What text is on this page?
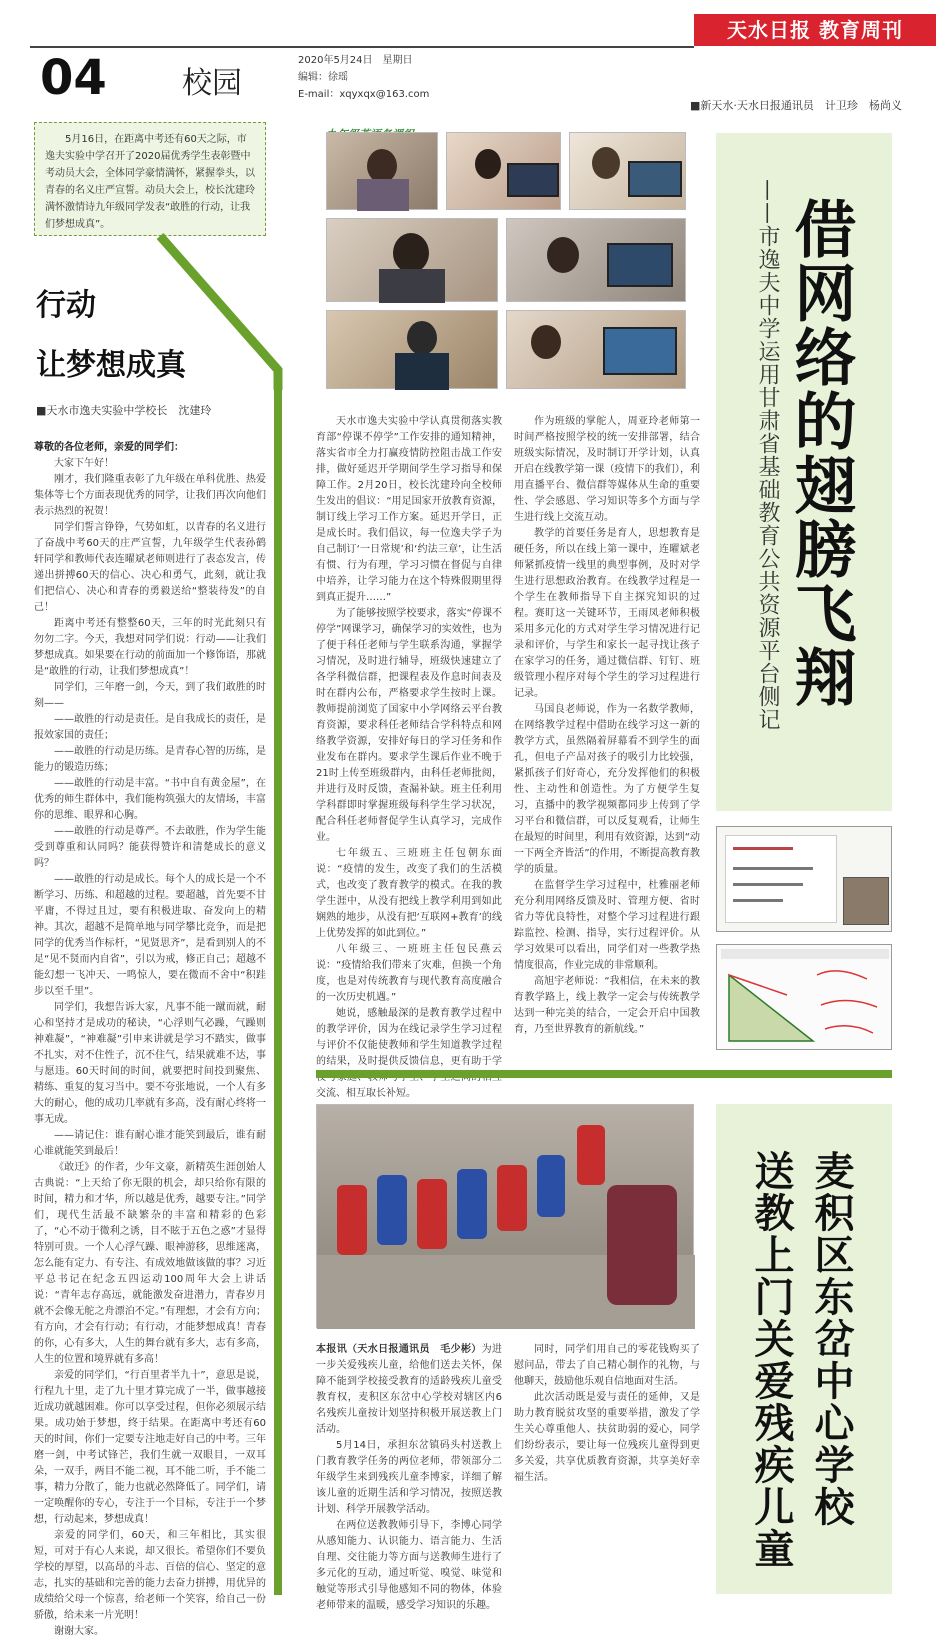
天水日报 教育周刊
04	校园
2020年5月24日　星期日
编辑：徐瑶
E-mail：xqyxqx@163.com
■新天水·天水日报通讯员　计卫珍　杨尚义
5月16日，在距离中考还有60天之际，市逸夫实验中学召开了2020届优秀学生表彰暨中考动员大会，全体同学豪情满怀，紧握拳头，以青春的名义庄严宣誓。动员大会上，校长沈建玲满怀激情诗九年级同学发表“敢胜的行动，让我们梦想成真”。
行动
让梦想成真
■天水市逸夫实验中学校长　沈建玲

尊敬的各位老师，亲爱的同学们：

大家下午好！

刚才，我们隆重表彰了九年级在单科优胜、热爱集体等七个方面表现优秀的同学，让我们再次向他们表示热烈的祝贺！

同学们誓言铮铮，气势如虹，以青春的名义进行了奋战中考60天的庄严宣誓，九年级学生代表孙鹤轩同学和教师代表连曜斌老师则进行了表态发言，传递出拼搏60天的信心、决心和勇气，此刻，就让我们把信心、决心和青春的勇毅送给“整装待发”的自己！

距离中考还有整整60天，三年的时光此刻只有勿勿二字。今天，我想对同学们说：行动——让我们梦想成真。如果要在行动的前面加一个修饰语，那就是“敢胜的行动，让我们梦想成真”！

同学们，三年磨一剑，今天，到了我们敢胜的时刻——

——敢胜的行动是责任。是自我成长的责任，是报效家国的责任；

——敢胜的行动是历练。是青春心智的历练，是能力的锻造历练；

——敢胜的行动是丰富。“书中自有黄金屋”，在优秀的师生群体中，我们能构筑强大的友情场，丰富你的思维、眼界和心胸。

——敢胜的行动是尊严。不去敢胜，作为学生能受到尊重和认同吗？能获得赞许和清楚成长的意义吗？

——敢胜的行动是成长。每个人的成长是一个不断学习、历练、和超越的过程。要超越，首先要不甘平庸，不得过且过，要有积极进取、奋发向上的精神。其次，超越不是简单地与同学攀比竞争，而是把同学的优秀当作标杆，“见贤思齐”，是看到别人的不足“见不贤而内自省”，引以为戒，修正自己；超越不能幻想一飞冲天、一鸣惊人，要在微而不舍中“积跬步以至千里”。

同学们，我想告诉大家，凡事不能一蹴而就，耐心和坚持才是成功的秘诀，“心浮则气必躁，气躁则神难凝”，“神难凝”引申来讲就是学习不踏实，做事不扎实，对不住性子，沉不住气，结果就难不达，事与愿违。60天时间的时间，就要把时间投到聚焦、精练、重复的复习当中。要不夸张地说，一个人有多大的耐心，他的成功几率就有多高，没有耐心终将一事无成。

——请记住：谁有耐心谁才能笑到最后，谁有耐心谁就能笑到最后！

《敢迁》的作者，少年文豪，新精英生涯创始人古典说：“上天给了你无限的机会，却只给你有限的时间，精力和才华，所以越是优秀，越要专注。”同学们，现代生活最不缺繁杂的丰富和精彩的色彩了，“心不动于微利之诱，目不眩于五色之惑”才显得特别可贵。一个人心浮气躁、眼神游移，思维迷离，怎么能有定力、有专注、有成效地做该做的事？习近平总书记在纪念五四运动100周年大会上讲话说：“青年志存高远，就能激发奋进潜力，青春岁月就不会像无舵之舟漂泊不定。”有理想，才会有方向；有方向，才会有行动；有行动，才能梦想成真！青春的你，心有多大，人生的舞台就有多大，志有多高，人生的位置和境界就有多高！

亲爱的同学们，“行百里者半九十”，意思是说，行程九十里，走了九十里才算完成了一半，做事越接近成功就越困难。你可以享受过程，但你必须展示结果。成功始于梦想，终于结果。在距离中考还有60天的时间，你们一定要专注地走好自己的中考。三年磨一剑，中考试锋芒，我们生就一双眼目，一双耳朵，一双手，两目不能二视，耳不能二听，手不能二事，精力分散了，能力也就必然降低了。同学们，请一定唤醒你的专心，专注于一个目标，专注于一个梦想，行动起来，梦想成真！

亲爱的同学们，60天，和三年相比，其实很短，可对于有心人来说，却又很长。希望你们不要负学校的厚望，以高昂的斗志、百倍的信心、坚定的意志，扎实的基础和完善的能力去奋力拼搏，用优异的成绩给父母一个惊喜，给老师一个笑容，给自己一份骄傲，给未来一片光明！

谢谢大家。

借网络的翅膀飞翔
——市逸夫中学运用甘肃省基础教育公共资源平台侧记

天水市逸夫实验中学认真贯彻落实教育部“停课不停学”工作安排的通知精神，落实省市全力打赢疫情防控阻击战工作安排，做好延迟开学期间学生学习指导和保障工作。2月20日，校长沈建玲向全校师生发出的倡议：“用足国家开放教育资源，制订线上学习工作方案。延迟开学日，正是成长时。我们倡议，每一位逸夫学子为自己制订‘一日常规’和‘约法三章’，让生活有惯、行为有理，学习习惯在督促与自律中培养，让学习能力在这个特殊假期里得到真正提升……”

为了能够按照学校要求，落实“停课不停学”网课学习，确保学习的实效性，也为了便于科任老师与学生联系沟通，掌握学习情况，及时进行辅导，班级快速建立了各学科微信群，把课程表及作息时间表及时在群内公布，严格要求学生按时上课。教师提前浏览了国家中小学网络云平台教育资源，要求科任老师结合学科特点和网络教学资源，安排好每日的学习任务和作业发布在群内。要求学生课后作业不晚于21时上传至班级群内，由科任老师批阅，并进行及时反馈，查漏补缺。班主任利用学科群即时掌握班级每科学生学习状况，配合科任老师督促学生认真学习，完成作业。

七年级五、三班班主任包朝东面说：“疫情的发生，改变了我们的生活模式，也改变了教育教学的模式。在我的教学生涯中，从没有把线上教学利用到如此娴熟的地步，从没有把‘互联网+教育’的线上优势发挥的如此到位。”

八年级三、一班班主任包民燕云说：“疫情给我们带来了灾难，但换一个角度，也是对传统教育与现代教育高度融合的一次历史机遇。”

她说，感触最深的是教育教学过程中的教学评价，因为在线记录学生学习过程与评价不仅能使教师和学生知道教学过程的结果，及时提供反馈信息，更有助于学 交流、相互取长补短。

作为班级的掌舵人，周亚玲老师第一时间严格按照学校的统一安排部署，结合班级实际情况，及时制订开学计划，认真开启在线教学第一课（疫情下的我们），利用直播平台、微信群等媒体从生命的重要性、学会感恩、学习知识等多个方面与学生进行线上交流互动。

教学的首要任务是育人，思想教育是硬任务，所以在线上第一课中，连曜斌老师紧抓疫情一线里的典型事例，及时对学生进行思想政治教育。在线教学过程是一个学生在教师指导下自主探究知识的过程。赛盯这一关键环节，王雨凤老师积极采用多元化的方式对学生学习情况进行记录和评价，与学生和家长一起寻找让孩子在家学习的任务，通过微信群、钉钉、班级管理小程序对每个学生的学习过程进行记录。

马国良老师说，作为一名数学教师，在网络教学过程中借助在线学习这一新的教学方式，虽然隔着屏幕看不到学生的面孔，但电子产品对孩子的吸引力比较强，紧抓孩子们好奇心，充分发挥他们的积极性、主动性和创造性。为了方便学生复习，直播中的教学视频都同步上传到了学习平台和微信群，可以反复观看，让师生在最短的时间里，利用有效资源，达到“动一下两全齐皆活”的作用，不断提高教育教学的质量。

在监督学生学习过程中，杜雅丽老师充分利用网络反馈及时、管理方便、省时省力等优良特性，对整个学习过程进行跟踪监控、检测、指导，实行过程评价。从学习效果可以看出，同学们对一些教学热情度很高，作业完成的非常顺利。

高旭宇老师说：“我相信，在未来的教育教学路上，线上教学一定会与传统教学达到一种完美的结合，一定会开启中国教育，乃至世界教育的新航线。”

麦积区东岔中心学校
送教上门关爱残疾儿童

本报讯（天水日报通讯员　毛少彬）为进一步关爱残疾儿童，给他们送去关怀，保障不能到学校接受教育的适龄残疾儿童受教育权，麦积区东岔中心学校对辖区内6名残疾儿童按计划坚持积极开展送教上门活动。

5月14日，承担东岔镇码头村送教上门教育教学任务的两位老师，带领部分二年级学生来到残疾儿童李博家，详细了解该儿童的近期生活和学习情况，按照送教计划、科学开展教学活动。

在两位送教教师引导下，李博心同学从感知能力、认识能力、语言能力、生活自理、交往能力等方面与送教师生进行了多元化的互动，通过听觉、嗅觉、味觉和触觉等形式引导他感知不同的物体，体验老师带来的温暖，感受学习知识的乐趣。

同时，同学们用自己的零花钱购买了慰问品，带去了自己精心制作的礼物，与他聊天，鼓励他乐观自信地面对生活。

此次活动既是爱与责任的延伸，又是助力教育脱贫攻坚的重要举措，激发了学生关心尊重他人、扶贫助弱的爱心，同学们纷纷表示，要让每一位残疾儿童得到更多关爱，共享优质教育资源，共享美好幸福生活。
